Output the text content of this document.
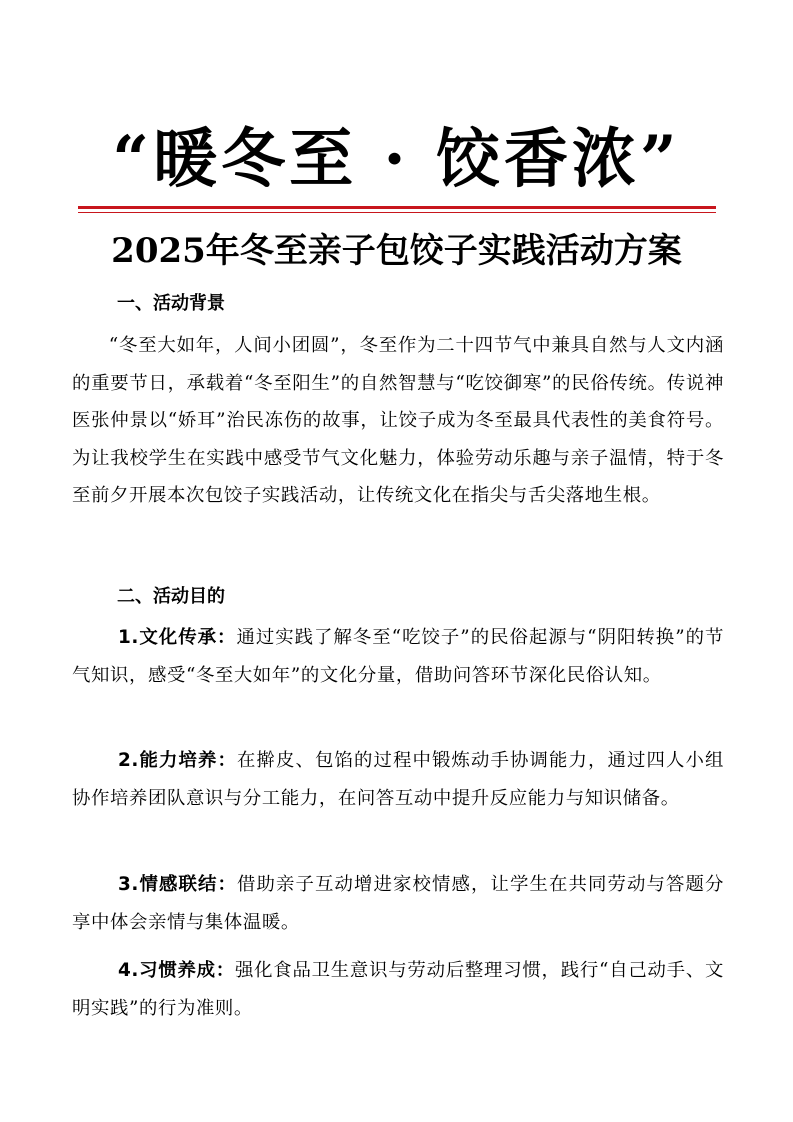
“暖冬至 · 饺香浓”
2025年冬至亲子包饺子实践活动方案
一、活动背景
“冬至大如年，人间小团圆”，冬至作为二十四节气中兼具自然与人文内涵的重要节日，承载着“冬至阳生”的自然智慧与“吃饺御寒”的民俗传统。传说神医张仲景以“娇耳”治民冻伤的故事，让饺子成为冬至最具代表性的美食符号。为让我校学生在实践中感受节气文化魅力，体验劳动乐趣与亲子温情，特于冬至前夕开展本次包饺子实践活动，让传统文化在指尖与舌尖落地生根。
二、活动目的
1.文化传承：通过实践了解冬至“吃饺子”的民俗起源与“阴阳转换”的节气知识，感受“冬至大如年”的文化分量，借助问答环节深化民俗认知。
2.能力培养：在擀皮、包馅的过程中锻炼动手协调能力，通过四人小组协作培养团队意识与分工能力，在问答互动中提升反应能力与知识储备。
3.情感联结：借助亲子互动增进家校情感，让学生在共同劳动与答题分享中体会亲情与集体温暖。
4.习惯养成：强化食品卫生意识与劳动后整理习惯，践行“自己动手、文明实践”的行为准则。
